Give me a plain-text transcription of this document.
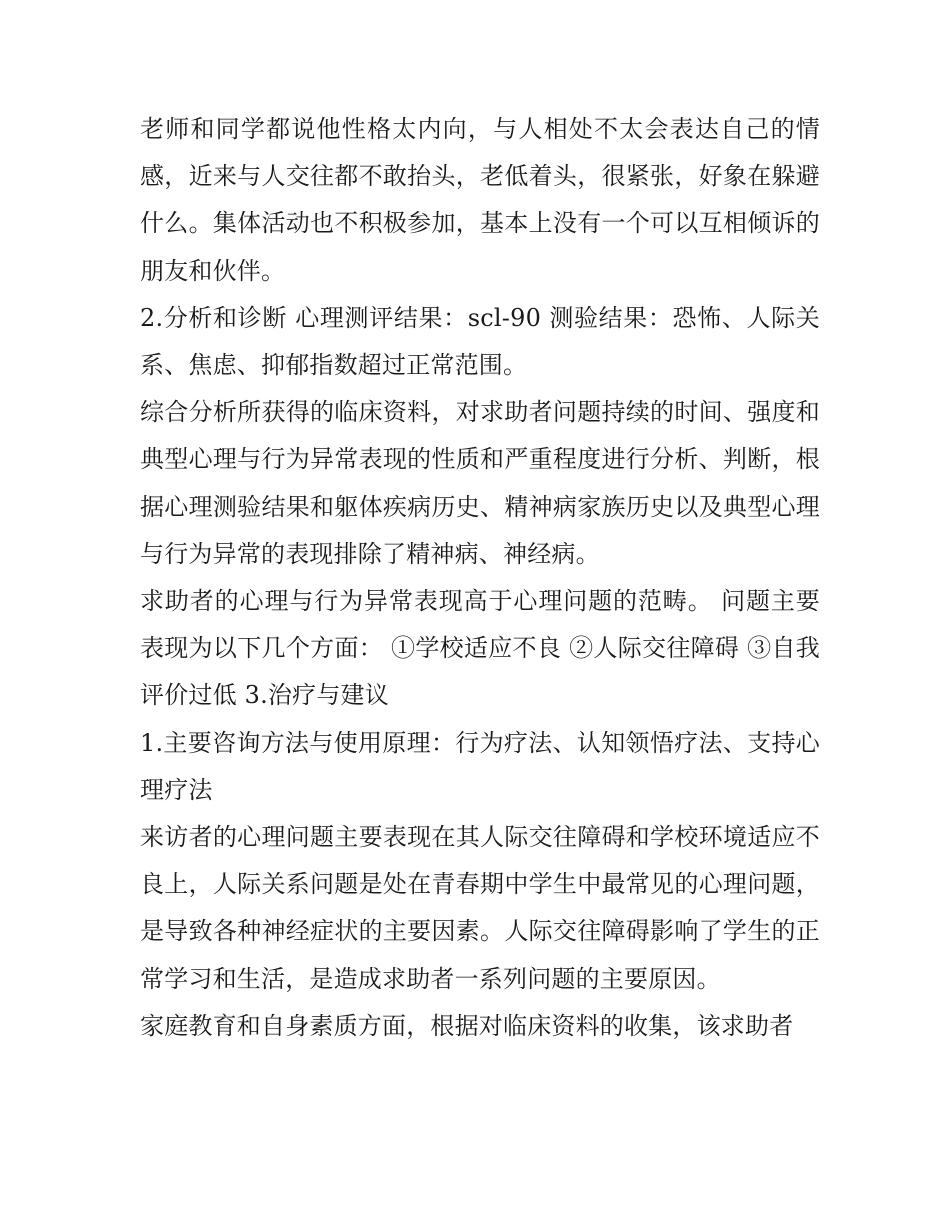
老师和同学都说他性格太内向，与人相处不太会表达自己的情感，近来与人交往都不敢抬头，老低着头，很紧张，好象在躲避什么。集体活动也不积极参加，基本上没有一个可以互相倾诉的朋友和伙伴。

2.分析和诊断 心理测评结果：scl-90 测验结果：恐怖、人际关系、焦虑、抑郁指数超过正常范围。

综合分析所获得的临床资料，对求助者问题持续的时间、强度和典型心理与行为异常表现的性质和严重程度进行分析、判断，根据心理测验结果和躯体疾病历史、精神病家族历史以及典型心理与行为异常的表现排除了精神病、神经病。

求助者的心理与行为异常表现高于心理问题的范畴。 问题主要表现为以下几个方面： ①学校适应不良 ②人际交往障碍 ③自我评价过低 3.治疗与建议

1.主要咨询方法与使用原理：行为疗法、认知领悟疗法、支持心理疗法

来访者的心理问题主要表现在其人际交往障碍和学校环境适应不良上，人际关系问题是处在青春期中学生中最常见的心理问题，是导致各种神经症状的主要因素。人际交往障碍影响了学生的正常学习和生活，是造成求助者一系列问题的主要原因。

家庭教育和自身素质方面，根据对临床资料的收集，该求助者
